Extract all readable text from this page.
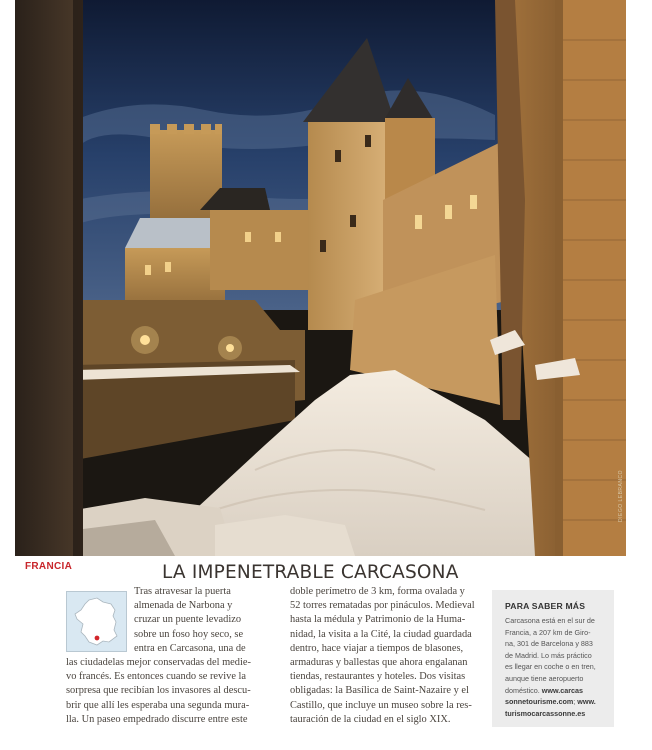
DIEGO LEBRANCO
FRANCIA	LA IMPENETRABLE CARCASONA
Tras atravesar la puerta
almenada de Narbona y
cruzar un puente levadizo
sobre un foso hoy seco, se
entra en Carcasona, una de
las ciudadelas mejor conservadas del medie-
vo francés. Es entonces cuando se revive la
sorpresa que recibían los invasores al descu-
brir que allí les esperaba una segunda mura-
lla. Un paseo empedrado discurre entre este
doble perímetro de 3 km, forma ovalada y
52 torres rematadas por pináculos. Medieval
hasta la médula y Patrimonio de la Huma-
nidad, la visita a la Cité, la ciudad guardada
dentro, hace viajar a tiempos de blasones,
armaduras y ballestas que ahora engalanan
tiendas, restaurantes y hoteles. Dos visitas
obligadas: la Basílica de Saint-Nazaire y el
Castillo, que incluye un museo sobre la res-
tauración de la ciudad en el siglo XIX.
PARA SABER MÁS
Carcasona está en el sur de
Francia, a 207 km de Giro-
na, 301 de Barcelona y 883
de Madrid. Lo más práctico
es llegar en coche o en tren,
aunque tiene aeropuerto
doméstico. www.carcas
sonnetourisme.com; www.
turismocarcassonne.es
